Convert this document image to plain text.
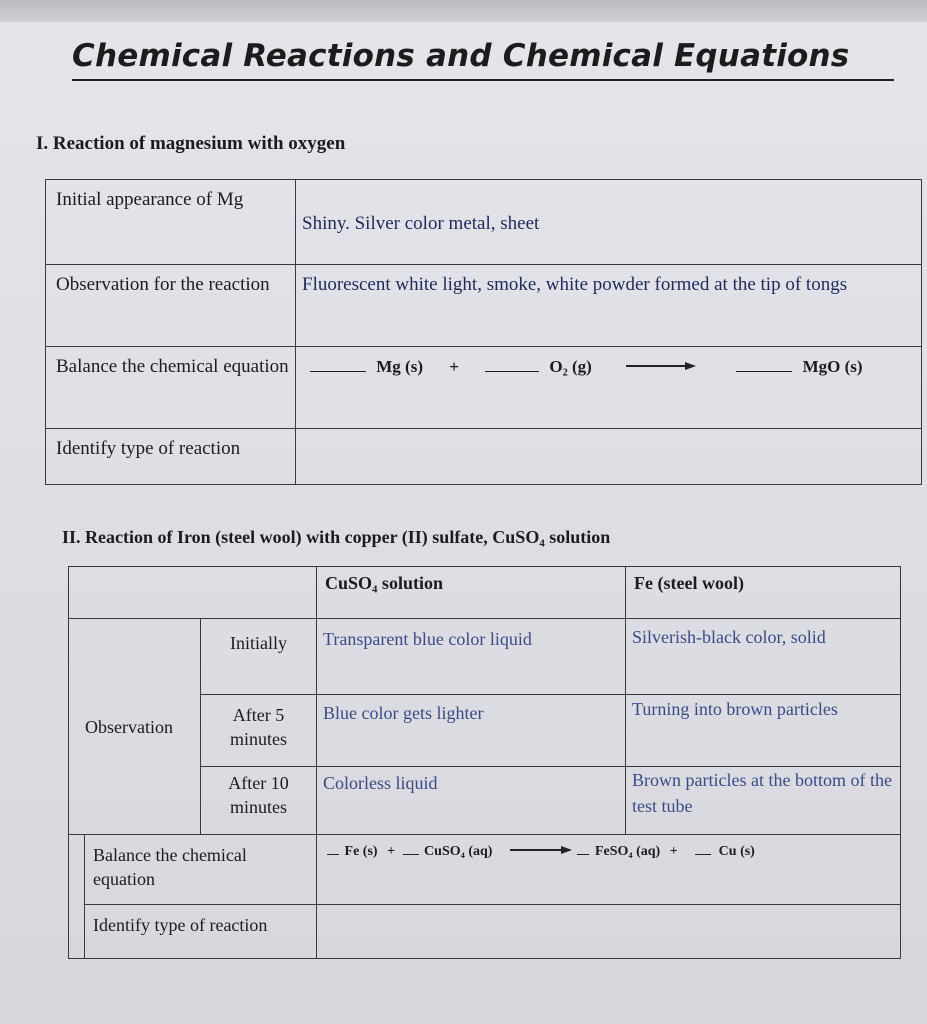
Chemical Reactions and Chemical Equations
I. Reaction of magnesium with oxygen
Initial appearance of Mg	Shiny. Silver color metal, sheet
Observation for the reaction	Fluorescent white light, smoke, white powder formed at the tip of tongs
Balance the chemical equation	Mg (s) + O₂ (g) MgO (s)
Identify type of reaction	
II. Reaction of Iron (steel wool) with copper (II) sulfate, CuSO₄ solution
			CuSO₄ solution	Fe (steel wool)
Observation		Initially	Transparent blue color liquid	Silverish-black color, solid
		After 5 minutes	Blue color gets lighter	Turning into brown particles
		After 10 minutes	Colorless liquid	Brown particles at the bottom of the test tube
	Balance the chemical equation		Fe (s) + CuSO₄ (aq) FeSO₄ (aq) + Cu (s)	
	Identify type of reaction			
